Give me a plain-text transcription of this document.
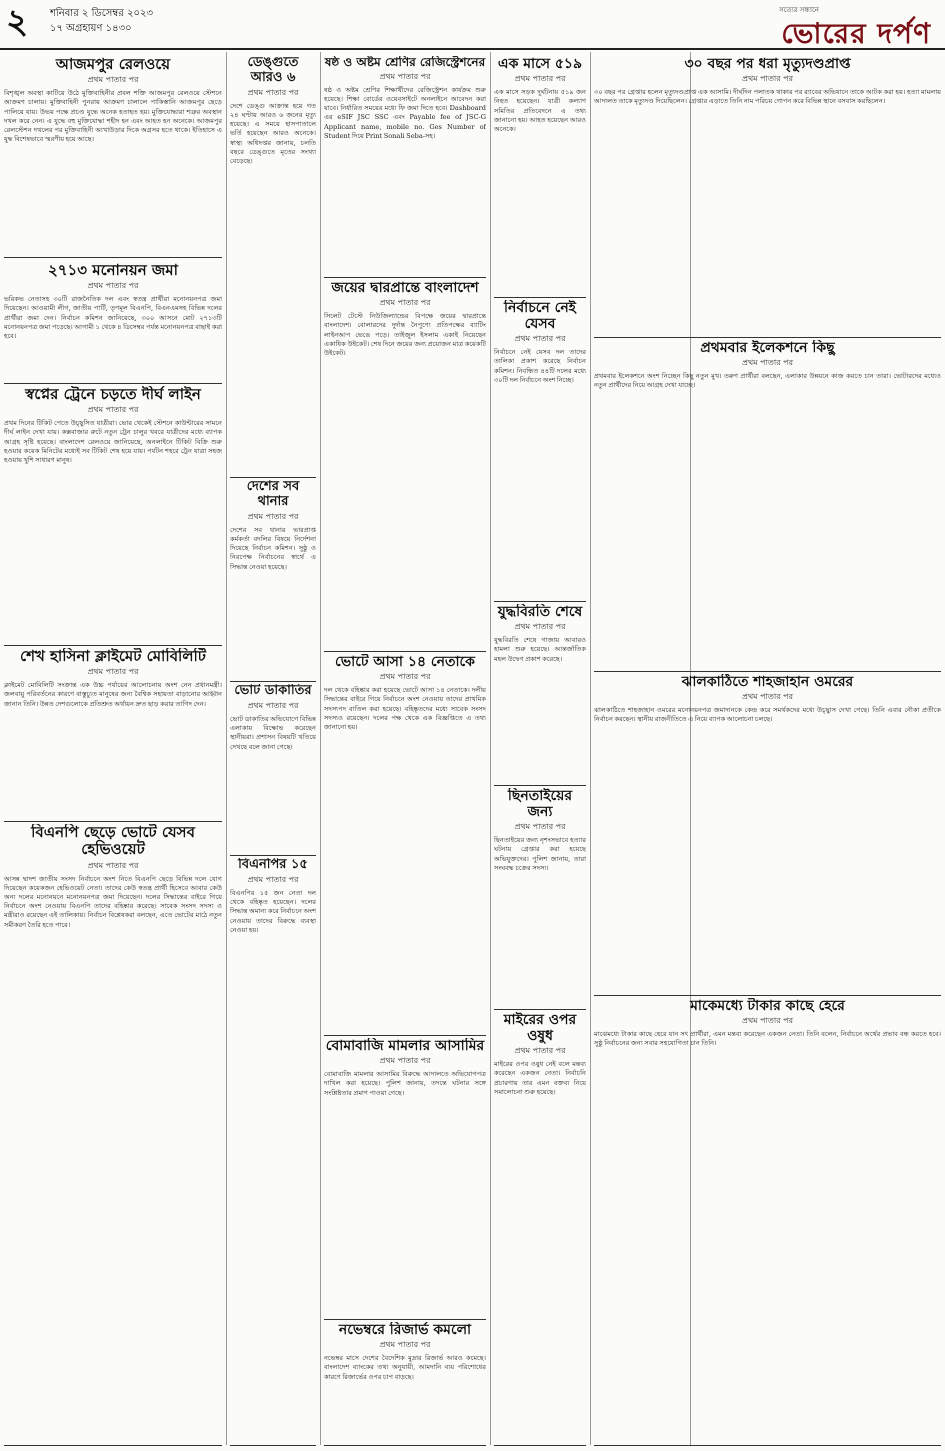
২ শনিবার ২ ডিসেম্বর ২০২৩
১৭ অগ্রহায়ণ ১৪৩০
সত্যের সন্ধানে
ভোরের দর্পণ
আজমপুর রেলওয়ে
প্রথম পাতার পর
বিশৃঙ্খল অবস্থা কাটিয়ে উঠে মুক্তিবাহিনীর প্রবল শক্তি আজমপুর রেলওয়ে স্টেশনে আক্রমণ চালায়। মুক্তিবাহিনী পুনরায় আক্রমণ চালালে পাকিস্তানি আজমপুর ছেড়ে পালিয়ে যায়। উভয় পক্ষে প্রচণ্ড যুদ্ধে অনেক হতাহত হয়। মুক্তিযোদ্ধারা শত্রুর অবস্থান দখল করে নেন। এ যুদ্ধে বহু মুক্তিযোদ্ধা শহীদ হন এবং আহত হন অনেকে। আজমপুর রেলস্টেশন দখলের পর মুক্তিবাহিনী আখাউড়ার দিকে অগ্রসর হতে থাকে। ইতিহাসে এ যুদ্ধ বিশেষভাবে স্মরণীয় হয়ে আছে।
২৭১৩ মনোনয়ন জমা
প্রথম পাতার পর
ভরিকভ নেতাসহ ৩০টি রাজনৈতিক দল এবং স্বতন্ত্র প্রার্থীরা মনোনয়নপত্র জমা দিয়েছেন। আওয়ামী লীগ, জাতীয় পার্টি, তৃণমূল বিএনপি, বিএনএমসহ বিভিন্ন দলের প্রার্থীরা জমা দেন। নির্বাচন কমিশন জানিয়েছে, ৩০০ আসনে মোট ২৭১৩টি মনোনয়নপত্র জমা পড়েছে। আগামী ১ থেকে ৪ ডিসেম্বর পর্যন্ত মনোনয়নপত্র বাছাই করা হবে।
স্বপ্নের ট্রেনে চড়তে দীর্ঘ লাইন
প্রথম পাতার পর
প্রথম দিনের টিকিট পেতে উচ্ছ্বসিত যাত্রীরা। ভোর থেকেই স্টেশনে কাউন্টারের সামনে দীর্ঘ লাইন দেখা যায়। কক্সবাজার রুটে নতুন ট্রেন চালুর খবরে যাত্রীদের মধ্যে ব্যাপক আগ্রহ সৃষ্টি হয়েছে। বাংলাদেশ রেলওয়ে জানিয়েছে, অনলাইনে টিকিট বিক্রি শুরু হওয়ার কয়েক মিনিটের মধ্যেই সব টিকিট শেষ হয়ে যায়। পর্যটন শহরে ট্রেন যাত্রা সহজ হওয়ায় খুশি সাধারণ মানুষ।
শেখ হাসিনা ক্লাইমেট মোবিলিটি
প্রথম পাতার পর
ক্লাইমেট মোবিলিটি সংক্রান্ত এক উচ্চ পর্যায়ের আলোচনায় অংশ নেন প্রধানমন্ত্রী। জলবায়ু পরিবর্তনের কারণে বাস্তুচ্যুত মানুষের জন্য বৈশ্বিক সহায়তা বাড়ানোর আহ্বান জানান তিনি। উন্নত দেশগুলোকে প্রতিশ্রুত অর্থায়ন দ্রুত ছাড় করার তাগিদ দেন।
বিএনপি ছেড়ে ভোটে যেসব হেভিওয়েট
প্রথম পাতার পর
আসন্ন দ্বাদশ জাতীয় সংসদ নির্বাচনে অংশ নিতে বিএনপি ছেড়ে বিভিন্ন দলে যোগ দিয়েছেন কয়েকজন হেভিওয়েট নেতা। তাদের কেউ স্বতন্ত্র প্রার্থী হিসেবে আবার কেউ অন্য দলের মনোনয়নে মনোনয়নপত্র জমা দিয়েছেন। দলের সিদ্ধান্তের বাইরে গিয়ে নির্বাচনে অংশ নেওয়ায় বিএনপি তাদের বহিষ্কার করেছে। সাবেক সংসদ সদস্য ও মন্ত্রীরাও রয়েছেন এই তালিকায়। নির্বাচন বিশ্লেষকরা বলছেন, এতে ভোটের মাঠে নতুন সমীকরণ তৈরি হতে পারে।
ডেঙ্গুতে আরও ৬
প্রথম পাতার পর
দেশে ডেঙ্গু আক্রান্ত হয়ে গত ২৪ ঘণ্টায় আরও ৬ জনের মৃত্যু হয়েছে। এ সময়ে হাসপাতালে ভর্তি হয়েছেন আরও অনেকে। স্বাস্থ্য অধিদপ্তর জানায়, চলতি বছরে ডেঙ্গুতে মৃতের সংখ্যা বেড়েছে।
দেশের সব থানার
প্রথম পাতার পর
দেশের সব থানার ভারপ্রাপ্ত কর্মকর্তা বদলির বিষয়ে নির্দেশনা দিয়েছে নির্বাচন কমিশন। সুষ্ঠু ও নিরপেক্ষ নির্বাচনের স্বার্থে এ সিদ্ধান্ত নেওয়া হয়েছে।
ভোট ডাকাতির
প্রথম পাতার পর
ভোট ডাকাতির অভিযোগে বিভিন্ন এলাকায় বিক্ষোভ করেছেন স্থানীয়রা। প্রশাসন বিষয়টি খতিয়ে দেখছে বলে জানা গেছে।
বিএনপির ১৫
প্রথম পাতার পর
বিএনপির ১৫ জন নেতা দল থেকে বহিষ্কৃত হয়েছেন। দলের সিদ্ধান্ত অমান্য করে নির্বাচনে অংশ নেওয়ায় তাদের বিরুদ্ধে ব্যবস্থা নেওয়া হয়।
ষষ্ঠ ও অষ্টম শ্রেণির রেজিস্ট্রেশনের
প্রথম পাতার পর
ষষ্ঠ ও অষ্টম শ্রেণির শিক্ষার্থীদের রেজিস্ট্রেশন কার্যক্রম শুরু হয়েছে। শিক্ষা বোর্ডের ওয়েবসাইটে অনলাইনে আবেদন করা যাবে। নির্ধারিত সময়ের মধ্যে ফি জমা দিতে হবে। Dashboard এর eSIF JSC SSC এবং Payable fee of JSC-G Applicant name, mobile no. Ges Number of Student দিয়ে Print Sonali Seba-সহ।
জয়ের দ্বারপ্রান্তে বাংলাদেশ
প্রথম পাতার পর
সিলেট টেস্টে নিউজিল্যান্ডের বিপক্ষে জয়ের দ্বারপ্রান্তে বাংলাদেশ। বোলারদের দুর্দান্ত নৈপুণ্যে প্রতিপক্ষের ব্যাটিং লাইনআপ ভেঙে পড়ে। তাইজুল ইসলাম একাই নিয়েছেন একাধিক উইকেট। শেষ দিনে জয়ের জন্য প্রয়োজন মাত্র কয়েকটি উইকেট।
ভোটে আসা ১৪ নেতাকে
প্রথম পাতার পর
দল থেকে বহিষ্কার করা হয়েছে ভোটে আসা ১৪ নেতাকে। দলীয় সিদ্ধান্তের বাইরে গিয়ে নির্বাচনে অংশ নেওয়ায় তাদের প্রাথমিক সদস্যপদ বাতিল করা হয়েছে। বহিষ্কৃতদের মধ্যে সাবেক সংসদ সদস্যও রয়েছেন। দলের পক্ষ থেকে এক বিজ্ঞপ্তিতে এ তথ্য জানানো হয়।
বোমাবাজি মামলার আসামির
প্রথম পাতার পর
বোমাবাজি মামলার আসামির বিরুদ্ধে আদালতে অভিযোগপত্র দাখিল করা হয়েছে। পুলিশ জানায়, তদন্তে ঘটনার সঙ্গে সংশ্লিষ্টতার প্রমাণ পাওয়া গেছে।
নভেম্বরে রিজার্ভ কমলো
প্রথম পাতার পর
নভেম্বর মাসে দেশের বৈদেশিক মুদ্রার রিজার্ভ আরও কমেছে। বাংলাদেশ ব্যাংকের তথ্য অনুযায়ী, আমদানি ব্যয় পরিশোধের কারণে রিজার্ভের ওপর চাপ বাড়ছে।
এক মাসে ৫১৯
প্রথম পাতার পর
এক মাসে সড়ক দুর্ঘটনায় ৫১৯ জন নিহত হয়েছেন। যাত্রী কল্যাণ সমিতির প্রতিবেদনে এ তথ্য জানানো হয়। আহত হয়েছেন আরও অনেকে।
নির্বাচনে নেই যেসব
প্রথম পাতার পর
নির্বাচনে নেই যেসব দল তাদের তালিকা প্রকাশ করেছে নির্বাচন কমিশন। নিবন্ধিত ৪৪টি দলের মধ্যে ৩০টি দল নির্বাচনে অংশ নিচ্ছে।
যুদ্ধবিরতি শেষে
প্রথম পাতার পর
যুদ্ধবিরতি শেষে গাজায় আবারও হামলা শুরু হয়েছে। আন্তর্জাতিক মহল উদ্বেগ প্রকাশ করেছে।
ছিনতাইয়ের জন্য
প্রথম পাতার পর
ছিনতাইয়ের জন্য নৃশংসভাবে হত্যার ঘটনায় গ্রেপ্তার করা হয়েছে অভিযুক্তদের। পুলিশ জানায়, তারা সংঘবদ্ধ চক্রের সদস্য।
মাইরের ওপর ওষুধ
প্রথম পাতার পর
মাইরের ওপর ওষুধ নেই বলে মন্তব্য করেছেন একজন নেতা। নির্বাচনি প্রচারণায় তার এমন বক্তব্য নিয়ে সমালোচনা শুরু হয়েছে।
৩০ বছর পর ধরা মৃত্যুদণ্ডপ্রাপ্ত
প্রথম পাতার পর
৩০ বছর পর গ্রেপ্তার হলেন মৃত্যুদণ্ডপ্রাপ্ত এক আসামি। দীর্ঘদিন পলাতক থাকার পর র‍্যাবের অভিযানে তাকে আটক করা হয়। হত্যা মামলায় আদালত তাকে মৃত্যুদণ্ড দিয়েছিলেন। গ্রেপ্তার এড়াতে তিনি নাম পরিচয় গোপন করে বিভিন্ন স্থানে বসবাস করছিলেন।
প্রথমবার ইলেকশনে কিছু
প্রথম পাতার পর
প্রথমবার ইলেকশনে অংশ নিচ্ছেন কিছু নতুন মুখ। তরুণ প্রার্থীরা বলছেন, এলাকার উন্নয়নে কাজ করতে চান তারা। ভোটারদের মধ্যেও নতুন প্রার্থীদের নিয়ে আগ্রহ দেখা যাচ্ছে।
ঝালকাঠিতে শাহজাহান ওমরের
প্রথম পাতার পর
ঝালকাঠিতে শাহজাহান ওমরের মনোনয়নপত্র জমাদানকে কেন্দ্র করে সমর্থকদের মধ্যে উচ্ছ্বাস দেখা গেছে। তিনি এবার নৌকা প্রতীকে নির্বাচন করছেন। স্থানীয় রাজনীতিতে এ নিয়ে ব্যাপক আলোচনা চলছে।
মাকেমধ্যে টাকার কাছে হেরে
প্রথম পাতার পর
মাঝেমধ্যে টাকার কাছে হেরে যান সৎ প্রার্থীরা, এমন মন্তব্য করেছেন একজন নেতা। তিনি বলেন, নির্বাচনে অর্থের প্রভাব বন্ধ করতে হবে। সুষ্ঠু নির্বাচনের জন্য সবার সহযোগিতা চান তিনি।
